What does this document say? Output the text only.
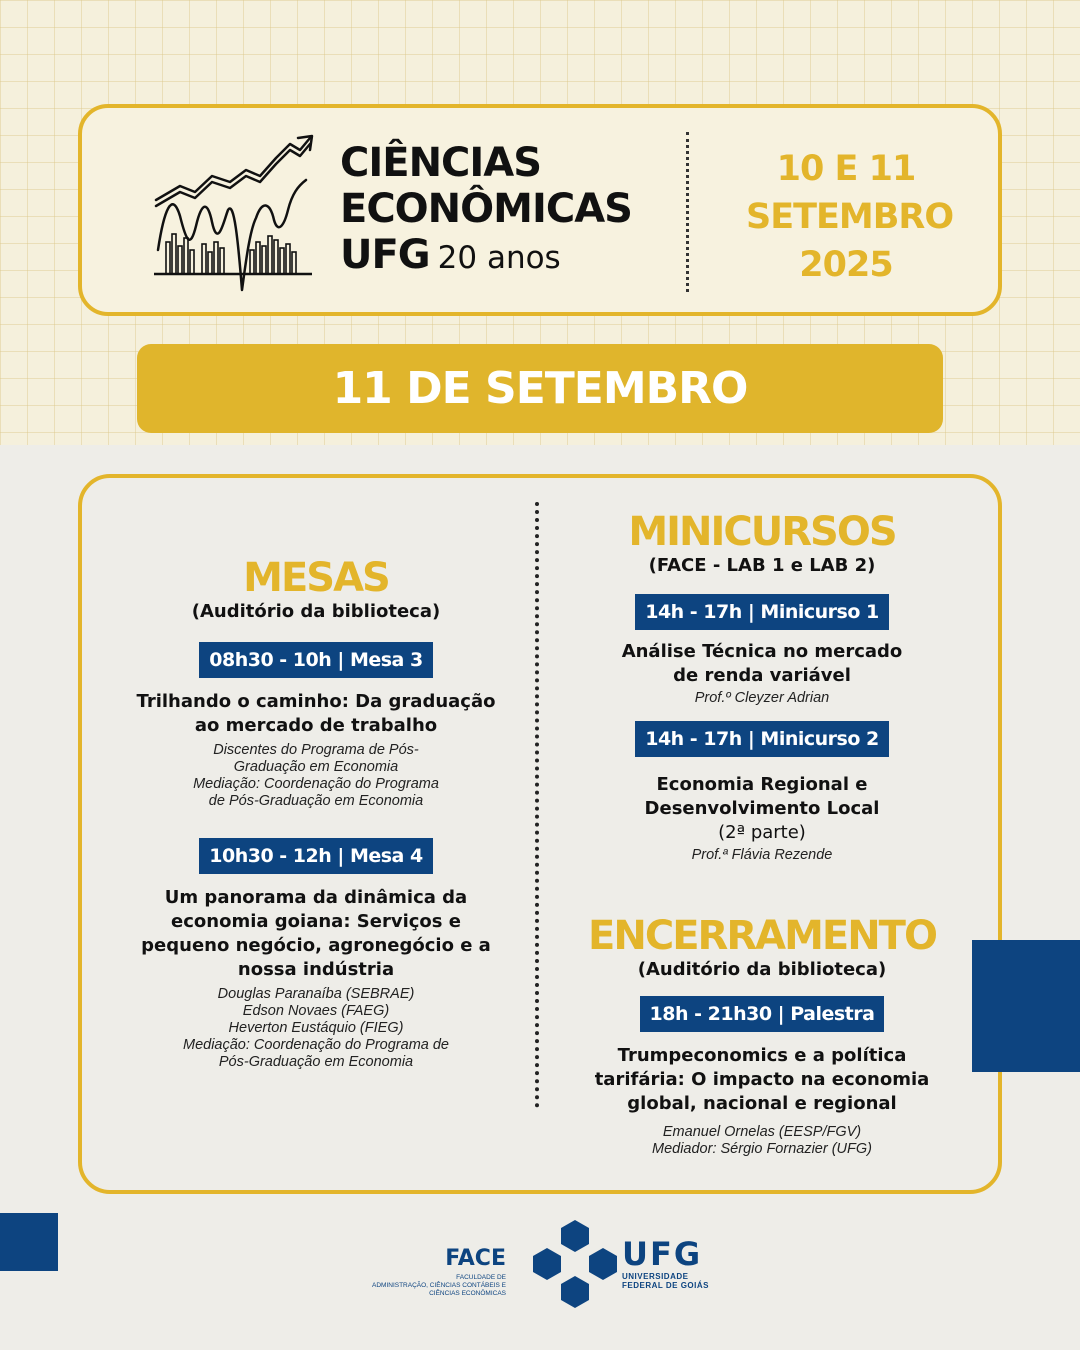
CIÊNCIAS
ECONÔMICAS
UFG 20 anos
10 E 11
SETEMBRO
2025
11 DE SETEMBRO
MESAS
(Auditório da biblioteca)
08h30 - 10h | Mesa 3
Trilhando o caminho: Da graduação
ao mercado de trabalho
Discentes do Programa de Pós-
Graduação em Economia
Mediação: Coordenação do Programa
de Pós-Graduação em Economia
10h30 - 12h | Mesa 4
Um panorama da dinâmica da
economia goiana: Serviços e
pequeno negócio, agronegócio e a
nossa indústria
Douglas Paranaíba (SEBRAE)
Edson Novaes (FAEG)
Heverton Eustáquio (FIEG)
Mediação: Coordenação do Programa de
Pós-Graduação em Economia
MINICURSOS
(FACE - LAB 1 e LAB 2)
14h - 17h | Minicurso 1
Análise Técnica no mercado
de renda variável
Prof.º Cleyzer Adrian
14h - 17h | Minicurso 2
Economia Regional e
Desenvolvimento Local
(2ª parte)
Prof.ª Flávia Rezende
ENCERRAMENTO
(Auditório da biblioteca)
18h - 21h30 | Palestra
Trumpeconomics e a política
tarifária: O impacto na economia
global, nacional e regional
Emanuel Ornelas (EESP/FGV)
Mediador: Sérgio Fornazier (UFG)
FACE
FACULDADE DE
ADMINISTRAÇÃO, CIÊNCIAS CONTÁBEIS E
CIÊNCIAS ECONÔMICAS
UFG
UNIVERSIDADE
FEDERAL DE GOIÁS
